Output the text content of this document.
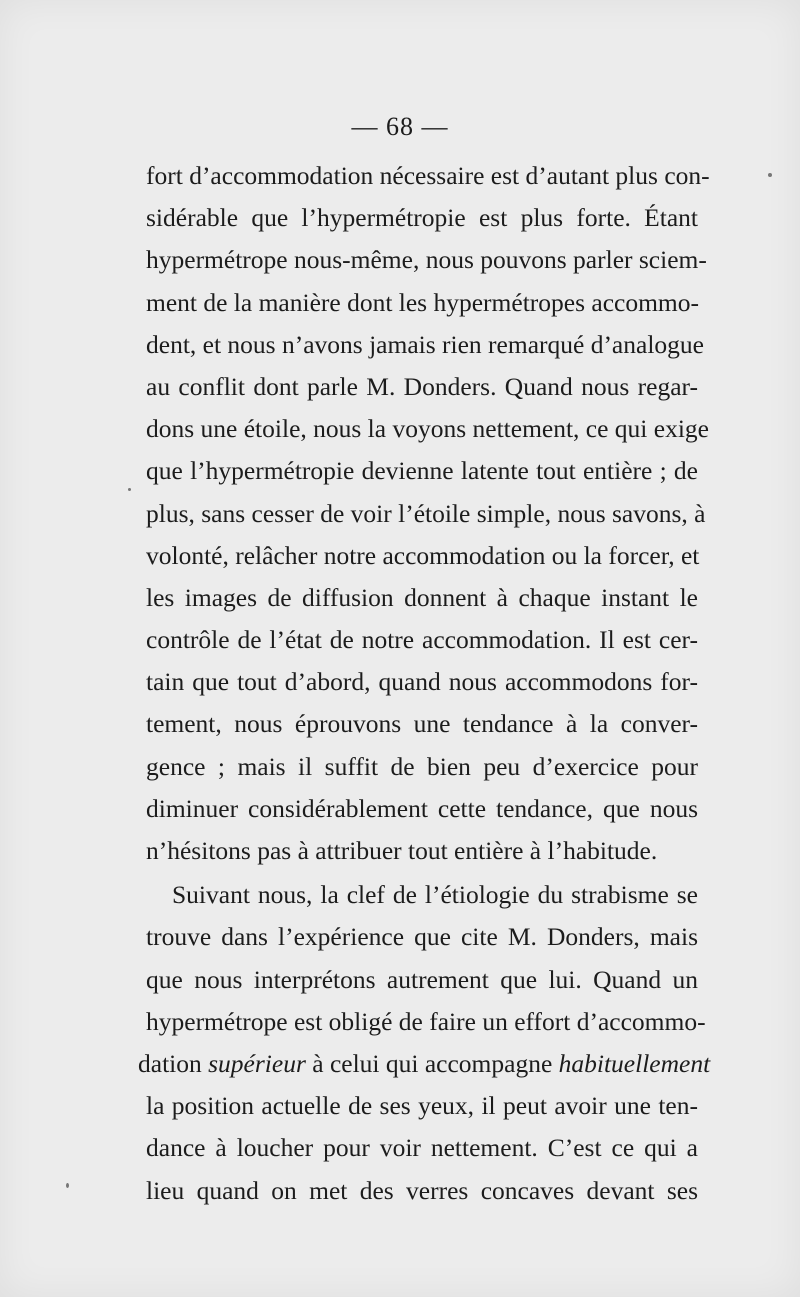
— 68 —
fort d’accommodation nécessaire est d’autant plus con-
sidérable que l’hypermétropie est plus forte. Étant
hypermétrope nous-même, nous pouvons parler sciem-
ment de la manière dont les hypermétropes accommo-
dent, et nous n’avons jamais rien remarqué d’analogue
au conflit dont parle M. Donders. Quand nous regar-
dons une étoile, nous la voyons nettement, ce qui exige
que l’hypermétropie devienne latente tout entière ; de
plus, sans cesser de voir l’étoile simple, nous savons, à
volonté, relâcher notre accommodation ou la forcer, et
les images de diffusion donnent à chaque instant le
contrôle de l’état de notre accommodation. Il est cer-
tain que tout d’abord, quand nous accommodons for-
tement, nous éprouvons une tendance à la conver-
gence ; mais il suffit de bien peu d’exercice pour
diminuer considérablement cette tendance, que nous
n’hésitons pas à attribuer tout entière à l’habitude.
Suivant nous, la clef de l’étiologie du strabisme se
trouve dans l’expérience que cite M. Donders, mais
que nous interprétons autrement que lui. Quand un
hypermétrope est obligé de faire un effort d’accommo-
dation supérieur à celui qui accompagne habituellement
la position actuelle de ses yeux, il peut avoir une ten-
dance à loucher pour voir nettement. C’est ce qui a
lieu quand on met des verres concaves devant ses
